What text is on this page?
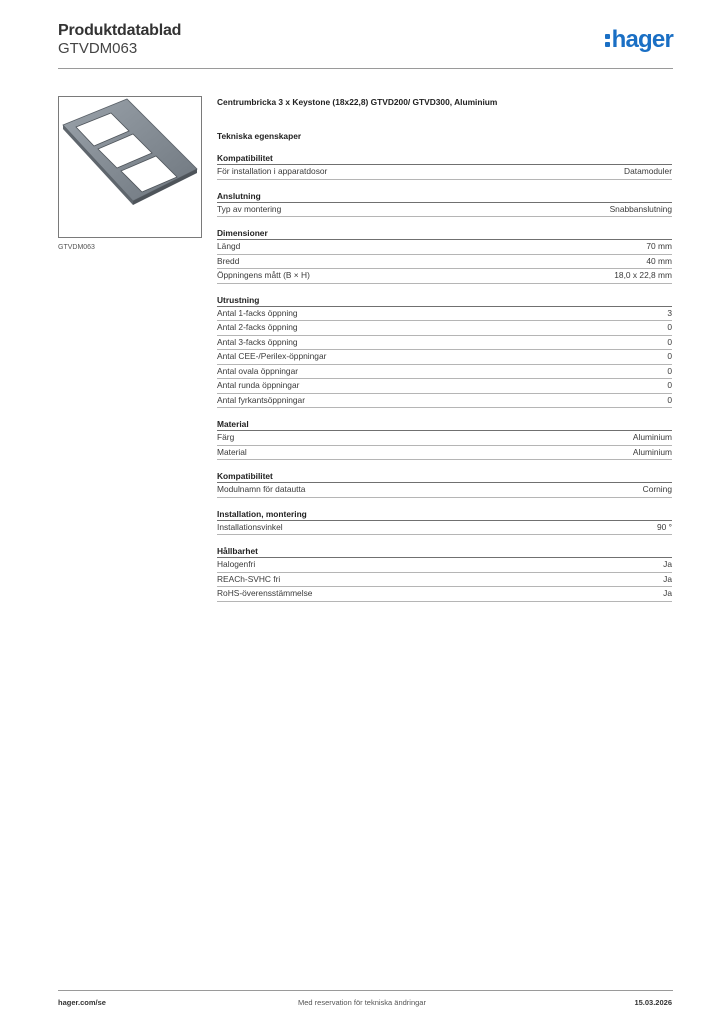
Produktdatablad
GTVDM063	hager
GTVDM063
Centrumbricka 3 x Keystone (18x22,8) GTVD200/ GTVD300, Aluminium
Tekniska egenskaper
Kompatibilitet
För installation i apparatdosor	Datamoduler
Anslutning
Typ av montering	Snabbanslutning
Dimensioner
Längd	70 mm
Bredd	40 mm
Öppningens mått (B × H)	18,0 x 22,8 mm
Utrustning
Antal 1-facks öppning	3
Antal 2-facks öppning	0
Antal 3-facks öppning	0
Antal CEE-/Perilex-öppningar	0
Antal ovala öppningar	0
Antal runda öppningar	0
Antal fyrkantsöppningar	0
Material
Färg	Aluminium
Material	Aluminium
Kompatibilitet
Modulnamn för datautta	Corning
Installation, montering
Installationsvinkel	90 °
Hållbarhet
Halogenfri	Ja
REACh-SVHC fri	Ja
RoHS-överensstämmelse	Ja
hager.com/se	Med reservation för tekniska ändringar	15.03.2026
